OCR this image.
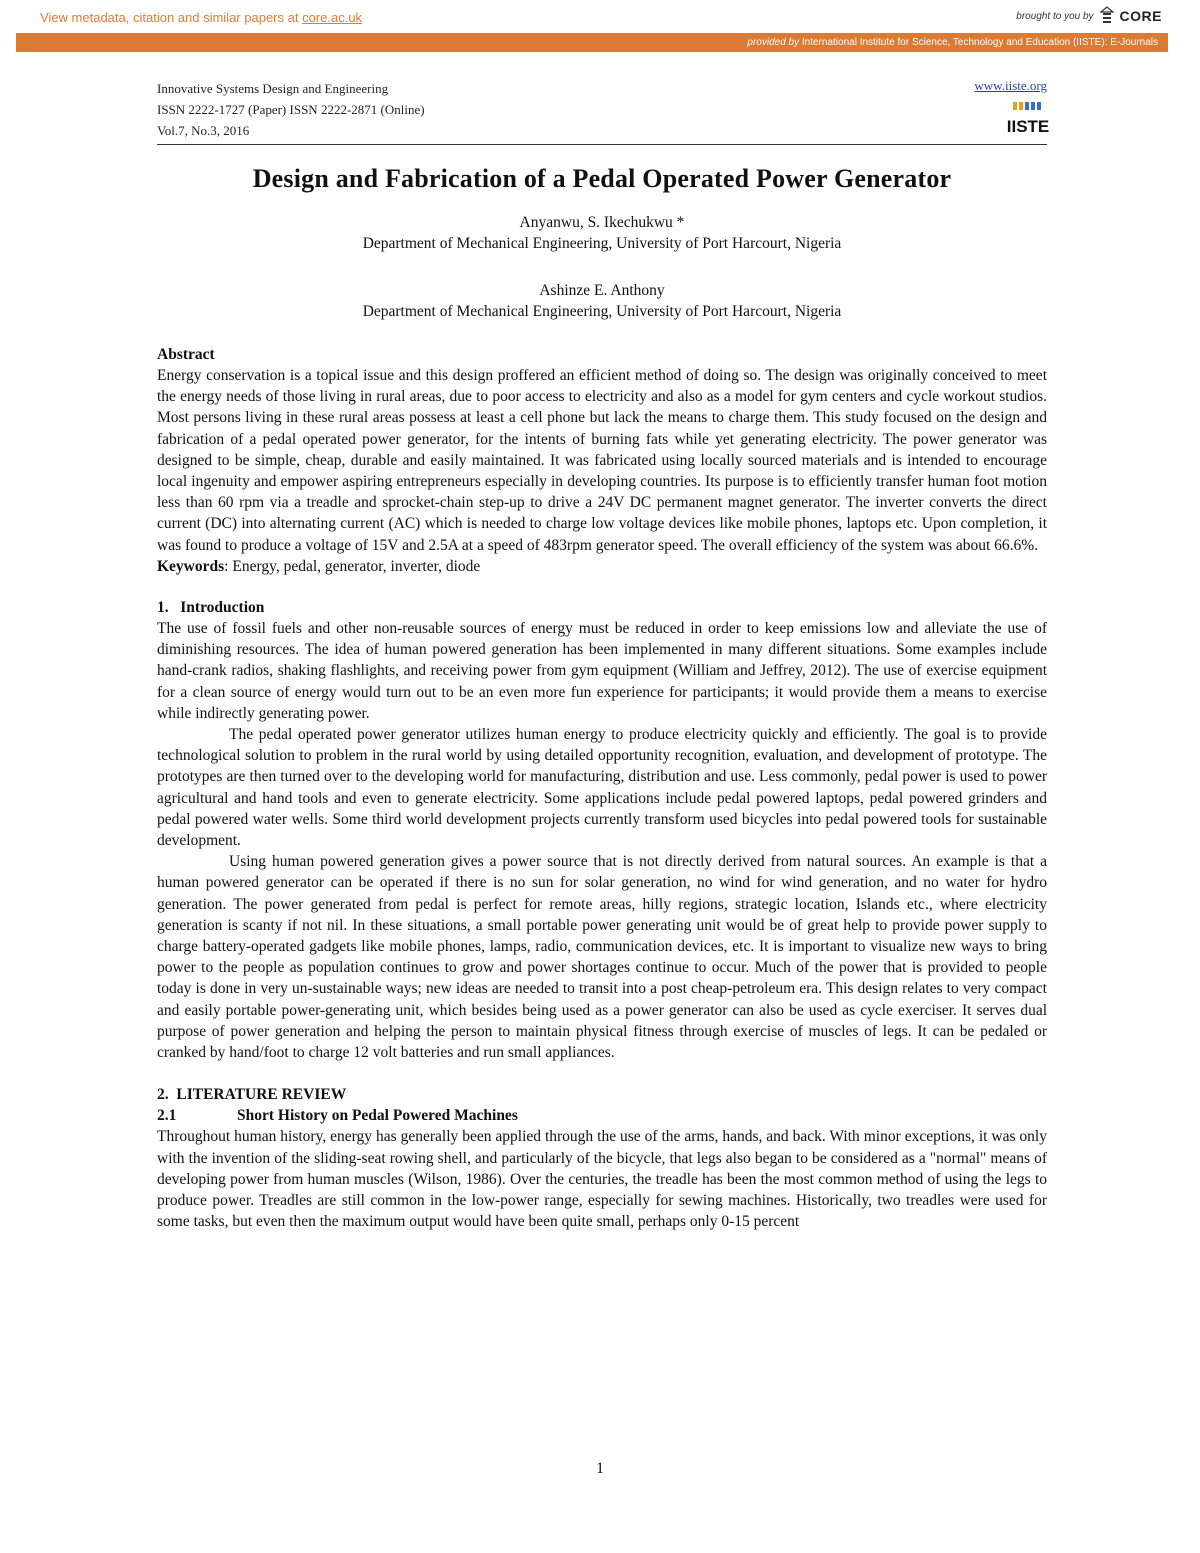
View metadata, citation and similar papers at core.ac.uk	brought to you by CORE
provided by International Institute for Science, Technology and Education (IISTE): E-Journals
Innovative Systems Design and Engineering
ISSN 2222-1727 (Paper) ISSN 2222-2871 (Online)
Vol.7, No.3, 2016
www.iiste.org
IISTE
Design and Fabrication of a Pedal Operated Power Generator
Anyanwu, S. Ikechukwu *
Department of Mechanical Engineering, University of Port Harcourt, Nigeria
Ashinze E. Anthony
Department of Mechanical Engineering, University of Port Harcourt, Nigeria
Abstract

Energy conservation is a topical issue and this design proffered an efficient method of doing so. The design was originally conceived to meet the energy needs of those living in rural areas, due to poor access to electricity and also as a model for gym centers and cycle workout studios. Most persons living in these rural areas possess at least a cell phone but lack the means to charge them. This study focused on the design and fabrication of a pedal operated power generator, for the intents of burning fats while yet generating electricity. The power generator was designed to be simple, cheap, durable and easily maintained. It was fabricated using locally sourced materials and is intended to encourage local ingenuity and empower aspiring entrepreneurs especially in developing countries. Its purpose is to efficiently transfer human foot motion less than 60 rpm via a treadle and sprocket-chain step-up to drive a 24V DC permanent magnet generator. The inverter converts the direct current (DC) into alternating current (AC) which is needed to charge low voltage devices like mobile phones, laptops etc. Upon completion, it was found to produce a voltage of 15V and 2.5A at a speed of 483rpm generator speed. The overall efficiency of the system was about 66.6%.

Keywords: Energy, pedal, generator, inverter, diode

1.   Introduction

The use of fossil fuels and other non-reusable sources of energy must be reduced in order to keep emissions low and alleviate the use of diminishing resources. The idea of human powered generation has been implemented in many different situations. Some examples include hand-crank radios, shaking flashlights, and receiving power from gym equipment (William and Jeffrey, 2012). The use of exercise equipment for a clean source of energy would turn out to be an even more fun experience for participants; it would provide them a means to exercise while indirectly generating power.

The pedal operated power generator utilizes human energy to produce electricity quickly and efficiently. The goal is to provide technological solution to problem in the rural world by using detailed opportunity recognition, evaluation, and development of prototype. The prototypes are then turned over to the developing world for manufacturing, distribution and use. Less commonly, pedal power is used to power agricultural and hand tools and even to generate electricity. Some applications include pedal powered laptops, pedal powered grinders and pedal powered water wells. Some third world development projects currently transform used bicycles into pedal powered tools for sustainable development.

Using human powered generation gives a power source that is not directly derived from natural sources. An example is that a human powered generator can be operated if there is no sun for solar generation, no wind for wind generation, and no water for hydro generation. The power generated from pedal is perfect for remote areas, hilly regions, strategic location, Islands etc., where electricity generation is scanty if not nil. In these situations, a small portable power generating unit would be of great help to provide power supply to charge battery-operated gadgets like mobile phones, lamps, radio, communication devices, etc. It is important to visualize new ways to bring power to the people as population continues to grow and power shortages continue to occur. Much of the power that is provided to people today is done in very un-sustainable ways; new ideas are needed to transit into a post cheap-petroleum era. This design relates to very compact and easily portable power-generating unit, which besides being used as a power generator can also be used as cycle exerciser. It serves dual purpose of power generation and helping the person to maintain physical fitness through exercise of muscles of legs. It can be pedaled or cranked by hand/foot to charge 12 volt batteries and run small appliances.

2.  LITERATURE REVIEW
2.1	Short History on Pedal Powered Machines

Throughout human history, energy has generally been applied through the use of the arms, hands, and back. With minor exceptions, it was only with the invention of the sliding-seat rowing shell, and particularly of the bicycle, that legs also began to be considered as a "normal" means of developing power from human muscles (Wilson, 1986). Over the centuries, the treadle has been the most common method of using the legs to produce power. Treadles are still common in the low-power range, especially for sewing machines. Historically, two treadles were used for some tasks, but even then the maximum output would have been quite small, perhaps only 0-15 percent

1
